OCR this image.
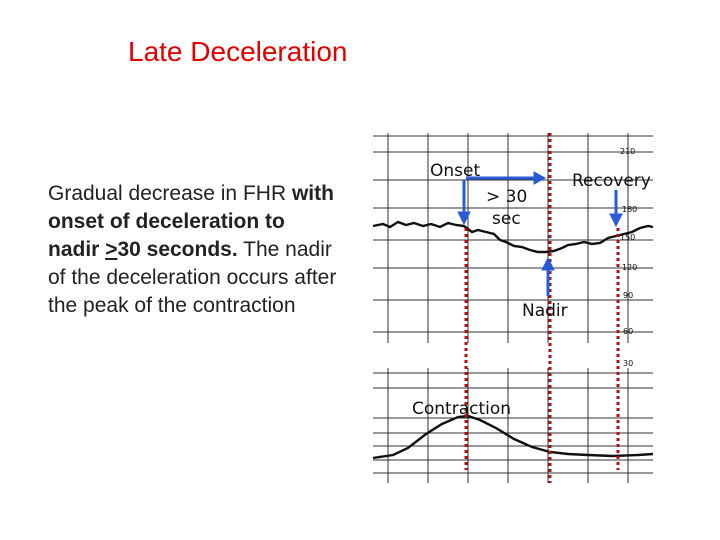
Late Deceleration
Gradual decrease in FHR with onset of deceleration to nadir >30 seconds. The nadir of the deceleration occurs after the peak of the contraction
Onset	Recovery
> 30
sec
Nadir
Contraction
210
180
150
120
90
60
30
